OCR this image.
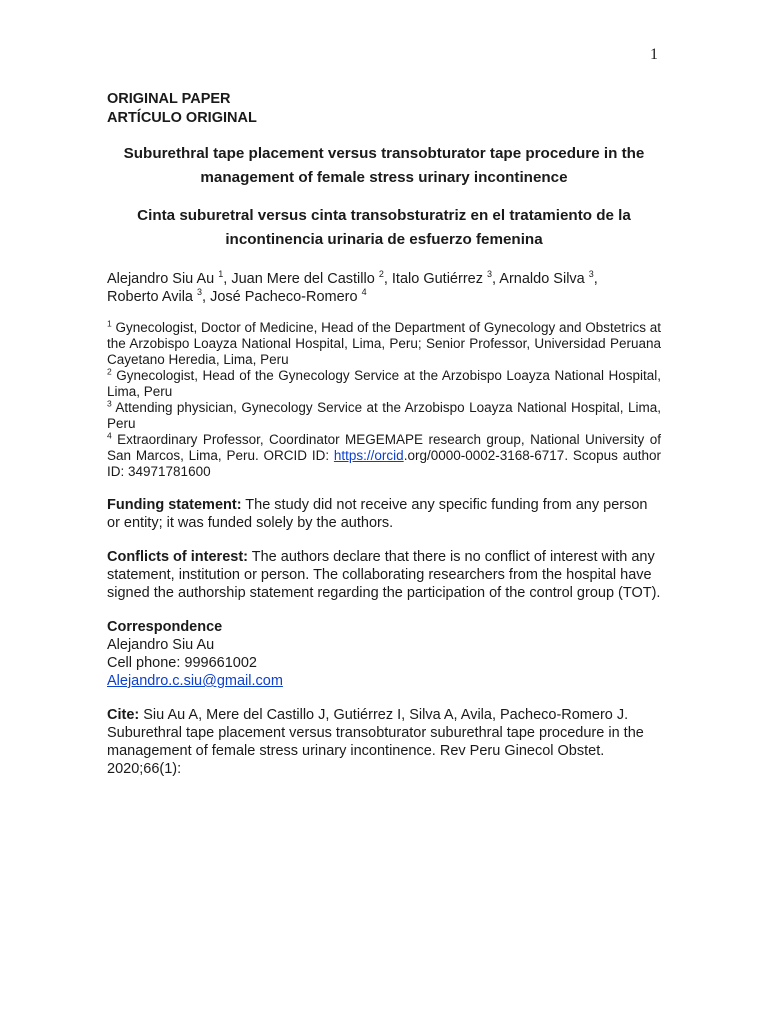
1
ORIGINAL PAPER
ARTÍCULO ORIGINAL
Suburethral tape placement versus transobturator tape procedure in the
management of female stress urinary incontinence
Cinta suburetral versus cinta transobsturatriz en el tratamiento de la
incontinencia urinaria de esfuerzo femenina
Alejandro Siu Au $^1$, Juan Mere del Castillo $^2$, Italo Gutiérrez $^3$, Arnaldo Silva $^3$,
Roberto Avila $^3$, José Pacheco-Romero $^4$
$^1$ Gynecologist, Doctor of Medicine, Head of the Department of Gynecology and Obstetrics at the Arzobispo Loayza National Hospital, Lima, Peru; Senior Professor, Universidad Peruana Cayetano Heredia, Lima, Peru
$^2$ Gynecologist, Head of the Gynecology Service at the Arzobispo Loayza National Hospital, Lima, Peru
$^3$ Attending physician, Gynecology Service at the Arzobispo Loayza National Hospital, Lima, Peru
$^4$ Extraordinary Professor, Coordinator MEGEMAPE research group, National University of San Marcos, Lima, Peru. ORCID ID: https://orcid.org/0000-0002-3168-6717. Scopus author ID: 34971781600
Funding statement: The study did not receive any specific funding from any person or entity; it was funded solely by the authors.
Conflicts of interest: The authors declare that there is no conflict of interest with any statement, institution or person. The collaborating researchers from the hospital have signed the authorship statement regarding the participation of the control group (TOT).
Correspondence
Alejandro Siu Au
Cell phone: 999661002
Alejandro.c.siu@gmail.com
Cite: Siu Au A, Mere del Castillo J, Gutiérrez I, Silva A, Avila, Pacheco-Romero J. Suburethral tape placement versus transobturator suburethral tape procedure in the management of female stress urinary incontinence. Rev Peru Ginecol Obstet. 2020;66(1):
